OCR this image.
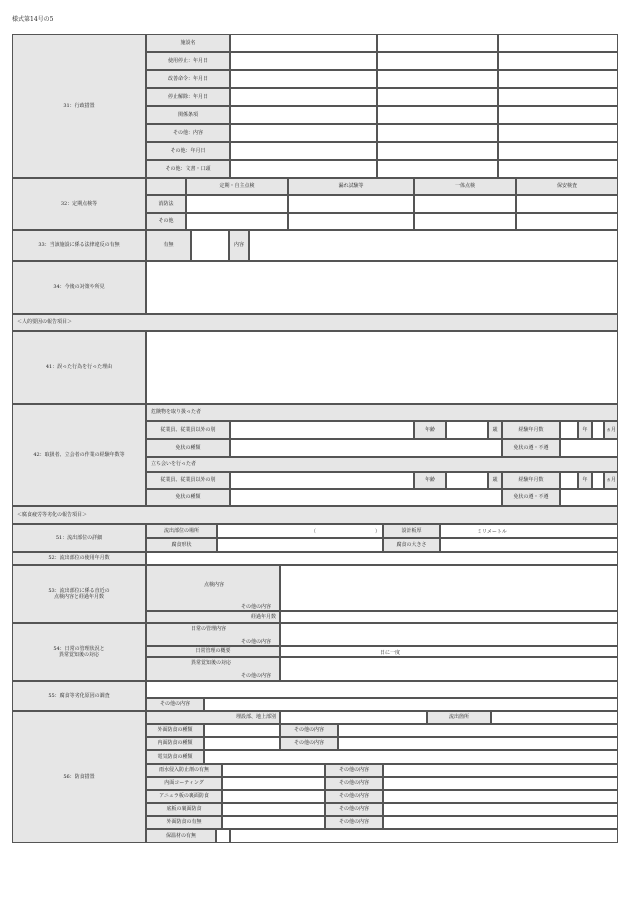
様式第14号の5
31：行政措置
施設名
使用停止：年月日
改善命令：年月日
停止解除：年月日
関係条項
その他：内容
その他：年月日
その他：文書・口頭
32：定期点検等
定期・自主点検	漏れ試験等	一体点検	保安検査
消防法
その他
33：当該施設に係る法律違反の有無	有無	内容
34：今後の対策や所見
＜人的要因の報告項目＞
41：誤った行為を行った理由
42：取扱者、立会者の作業の経験年数等
危険物を取り扱った者
従業員、従業員以外の別	年齢	歳	経験年月数	年	ヵ月
免状の種類	免状の遵・不遵
立ち会いを行った者
従業員、従業員以外の別	年齢	歳	経験年月数	年	ヵ月
免状の種類	免状の遵・不遵
＜腐食疲労等劣化の報告項目＞
51：流出部位の詳細
流出部位の場所	（	）	設計板厚	ミリメートル
腐食形状	腐食の大きさ
52：流出部位の使用年月数
53：流出部位に係る直近の
点検内容と経過年月数
点検内容
その他の内容
経過年月数
54：日常の管理状況と
異常覚知後の対応
日常の管理内容
その他の内容
日常管理の概要	日に一度
異常覚知後の対応
その他の内容
55：腐食等劣化原因の調査
その他の内容
56：防食措置
埋設部、地上部別	流出箇所
外面防食の種類	その他の内容
内面防食の種類	その他の内容
電気防食の種類
雨水侵入防止剤の有無	その他の内容
内面コーティング	その他の内容
アニュラ板の裏面防食	その他の内容
底板の裏面防食	その他の内容
外面防食の有無	その他の内容
保温材の有無
